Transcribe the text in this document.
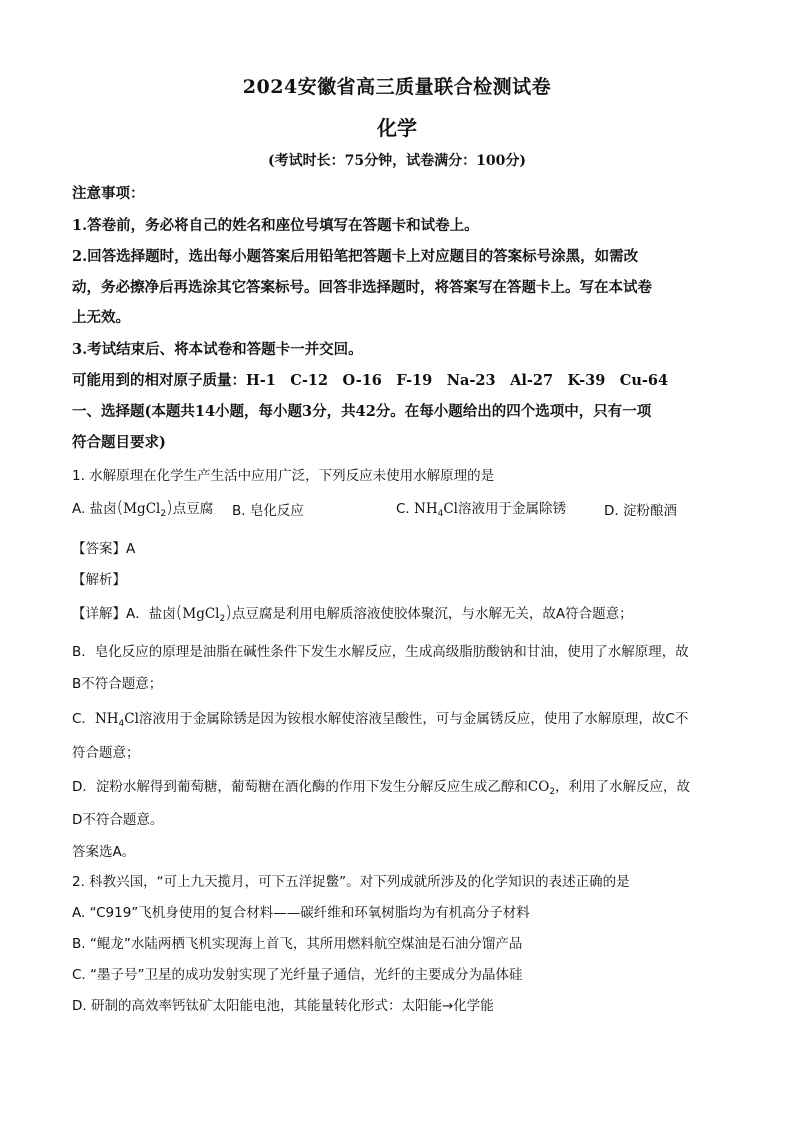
2024安徽省高三质量联合检测试卷
化学
(考试时长：75分钟，试卷满分：100分)
注意事项：
1.答卷前，务必将自己的姓名和座位号填写在答题卡和试卷上。
2.回答选择题时，选出每小题答案后用铅笔把答题卡上对应题目的答案标号涂黑，如需改
动，务必擦净后再选涂其它答案标号。回答非选择题时，将答案写在答题卡上。写在本试卷
上无效。
3.考试结束后、将本试卷和答题卡一并交回。
可能用到的相对原子质量：H-1　C-12　O-16　F-19　Na-23　Al-27　K-39　Cu-64
一、选择题(本题共14小题，每小题3分，共42分。在每小题给出的四个选项中，只有一项
符合题目要求)
1. 水解原理在化学生产生活中应用广泛，下列反应未使用水解原理的是
A. 盐卤(MgCl$_2$)点豆腐 B. 皂化反应	C. $NH_4Cl$溶液用于金属除锈	D. 淀粉酿酒
【答案】A
【解析】
【详解】A．盐卤(MgCl$_2$)点豆腐是利用电解质溶液使胶体聚沉，与水解无关，故A符合题意；
B．皂化反应的原理是油脂在碱性条件下发生水解反应，生成高级脂肪酸钠和甘油，使用了水解原理，故
B不符合题意；
C．$NH_4Cl$溶液用于金属除锈是因为铵根水解使溶液呈酸性，可与金属锈反应，使用了水解原理，故C不
符合题意；
D．淀粉水解得到葡萄糖，葡萄糖在酒化酶的作用下发生分解反应生成乙醇和$CO_2$，利用了水解反应，故
D不符合题意。
答案选A。
2. 科教兴国，“可上九天揽月，可下五洋捉鳖”。对下列成就所涉及的化学知识的表述正确的是
A. “C919”飞机身使用的复合材料——碳纤维和环氧树脂均为有机高分子材料
B. “鲲龙”水陆两栖飞机实现海上首飞，其所用燃料航空煤油是石油分馏产品
C. “墨子号”卫星的成功发射实现了光纤量子通信，光纤的主要成分为晶体硅
D. 研制的高效率钙钛矿太阳能电池，其能量转化形式：太阳能→化学能
